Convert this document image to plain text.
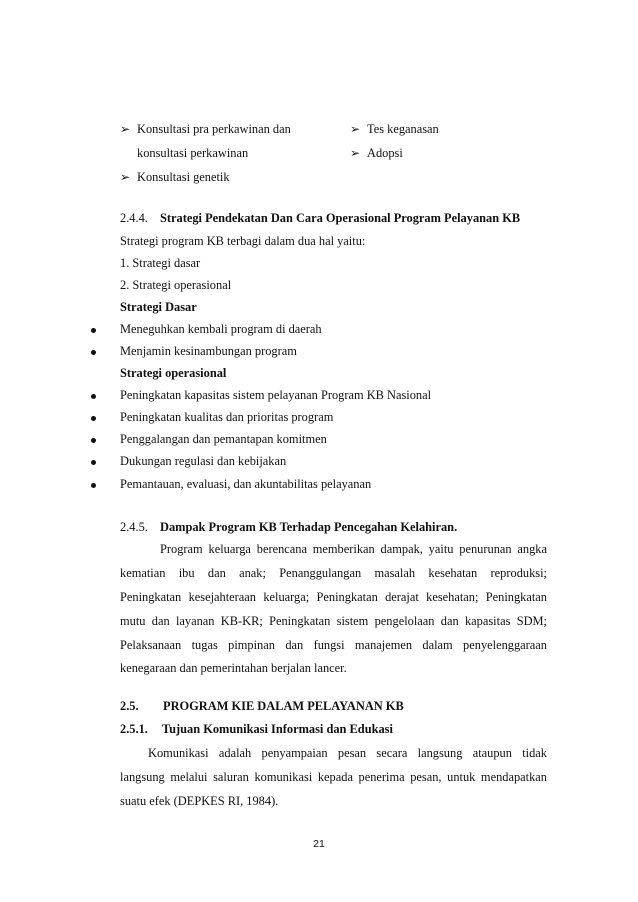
➢ Konsultasi pra perkawinan dan
konsultasi perkawinan
➢ Konsultasi genetik
➢ Tes keganasan
➢ Adopsi
2.4.4. Strategi Pendekatan Dan Cara Operasional Program Pelayanan KB
Strategi program KB terbagi dalam dua hal yaitu:
1. Strategi dasar
2. Strategi operasional
Strategi Dasar
Meneguhkan kembali program di daerah
Menjamin kesinambungan program
Strategi operasional
Peningkatan kapasitas sistem pelayanan Program KB Nasional
Peningkatan kualitas dan prioritas program
Penggalangan dan pemantapan komitmen
Dukungan regulasi dan kebijakan
Pemantauan, evaluasi, dan akuntabilitas pelayanan
2.4.5. Dampak Program KB Terhadap Pencegahan Kelahiran.
Program keluarga berencana memberikan dampak, yaitu penurunan angka
kematian ibu dan anak; Penanggulangan masalah kesehatan reproduksi;
Peningkatan kesejahteraan keluarga; Peningkatan derajat kesehatan; Peningkatan
mutu dan layanan KB-KR; Peningkatan sistem pengelolaan dan kapasitas SDM;
Pelaksanaan tugas pimpinan dan fungsi manajemen dalam penyelenggaraan
kenegaraan dan pemerintahan berjalan lancer.
2.5. PROGRAM KIE DALAM PELAYANAN KB
2.5.1. Tujuan Komunikasi Informasi dan Edukasi
Komunikasi adalah penyampaian pesan secara langsung ataupun tidak
langsung melalui saluran komunikasi kepada penerima pesan, untuk mendapatkan
suatu efek (DEPKES RI, 1984).
21
